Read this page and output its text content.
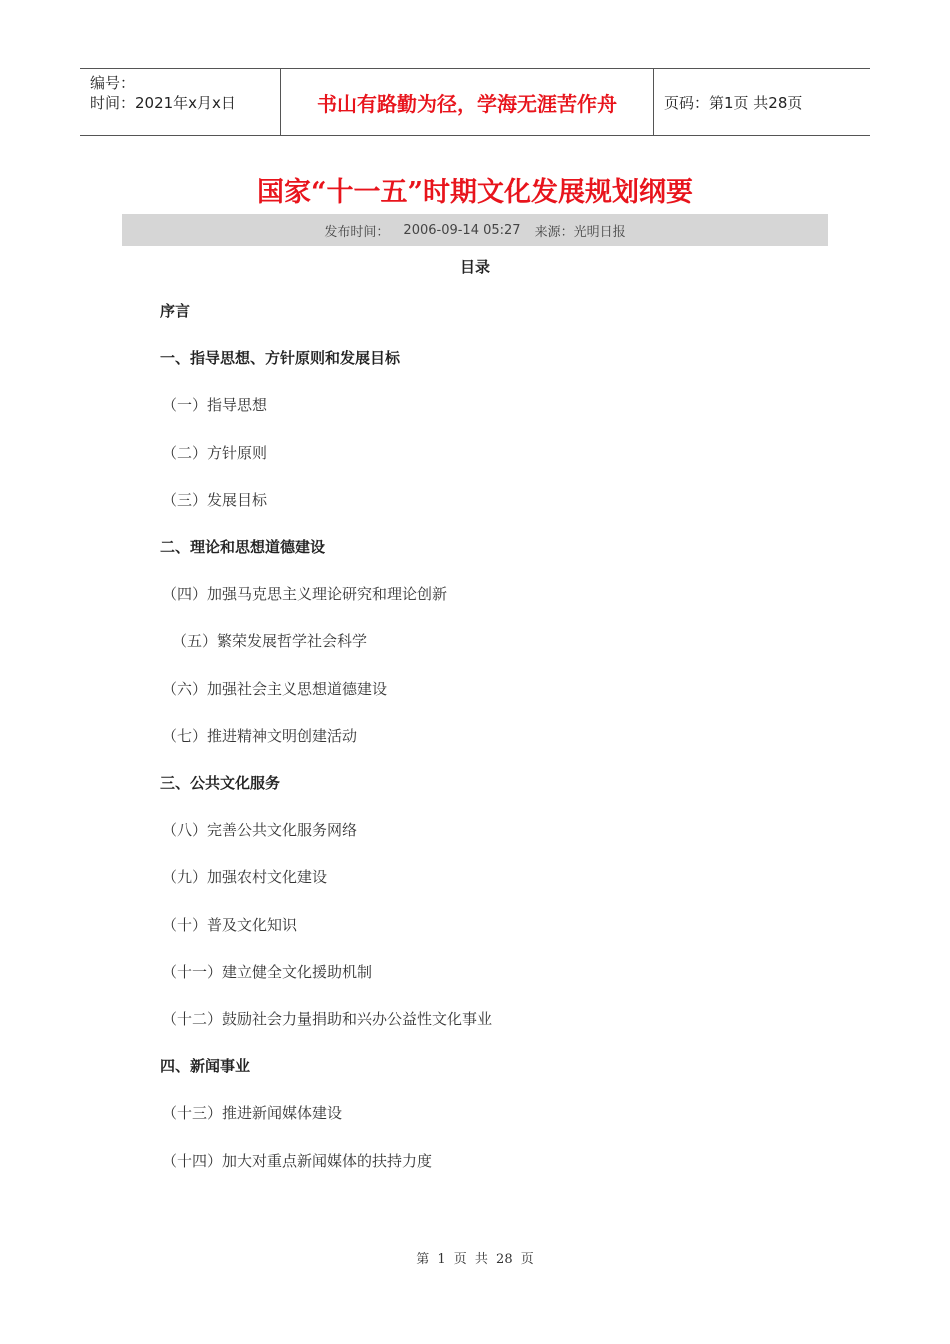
编号：
时间：2021年x月x日	书山有路勤为径，学海无涯苦作舟	页码：第1页 共28页
国家“十一五”时期文化发展规划纲要
发布时间： 2006-09-14 05:27 来源：光明日报
目录
序言
一、指导思想、方针原则和发展目标
（一）指导思想
（二）方针原则
（三）发展目标
二、理论和思想道德建设
（四）加强马克思主义理论研究和理论创新
（五）繁荣发展哲学社会科学
（六）加强社会主义思想道德建设
（七）推进精神文明创建活动
三、公共文化服务
（八）完善公共文化服务网络
（九）加强农村文化建设
（十）普及文化知识
（十一）建立健全文化援助机制
（十二）鼓励社会力量捐助和兴办公益性文化事业
四、新闻事业
（十三）推进新闻媒体建设
（十四）加大对重点新闻媒体的扶持力度
第 1 页 共 28 页
